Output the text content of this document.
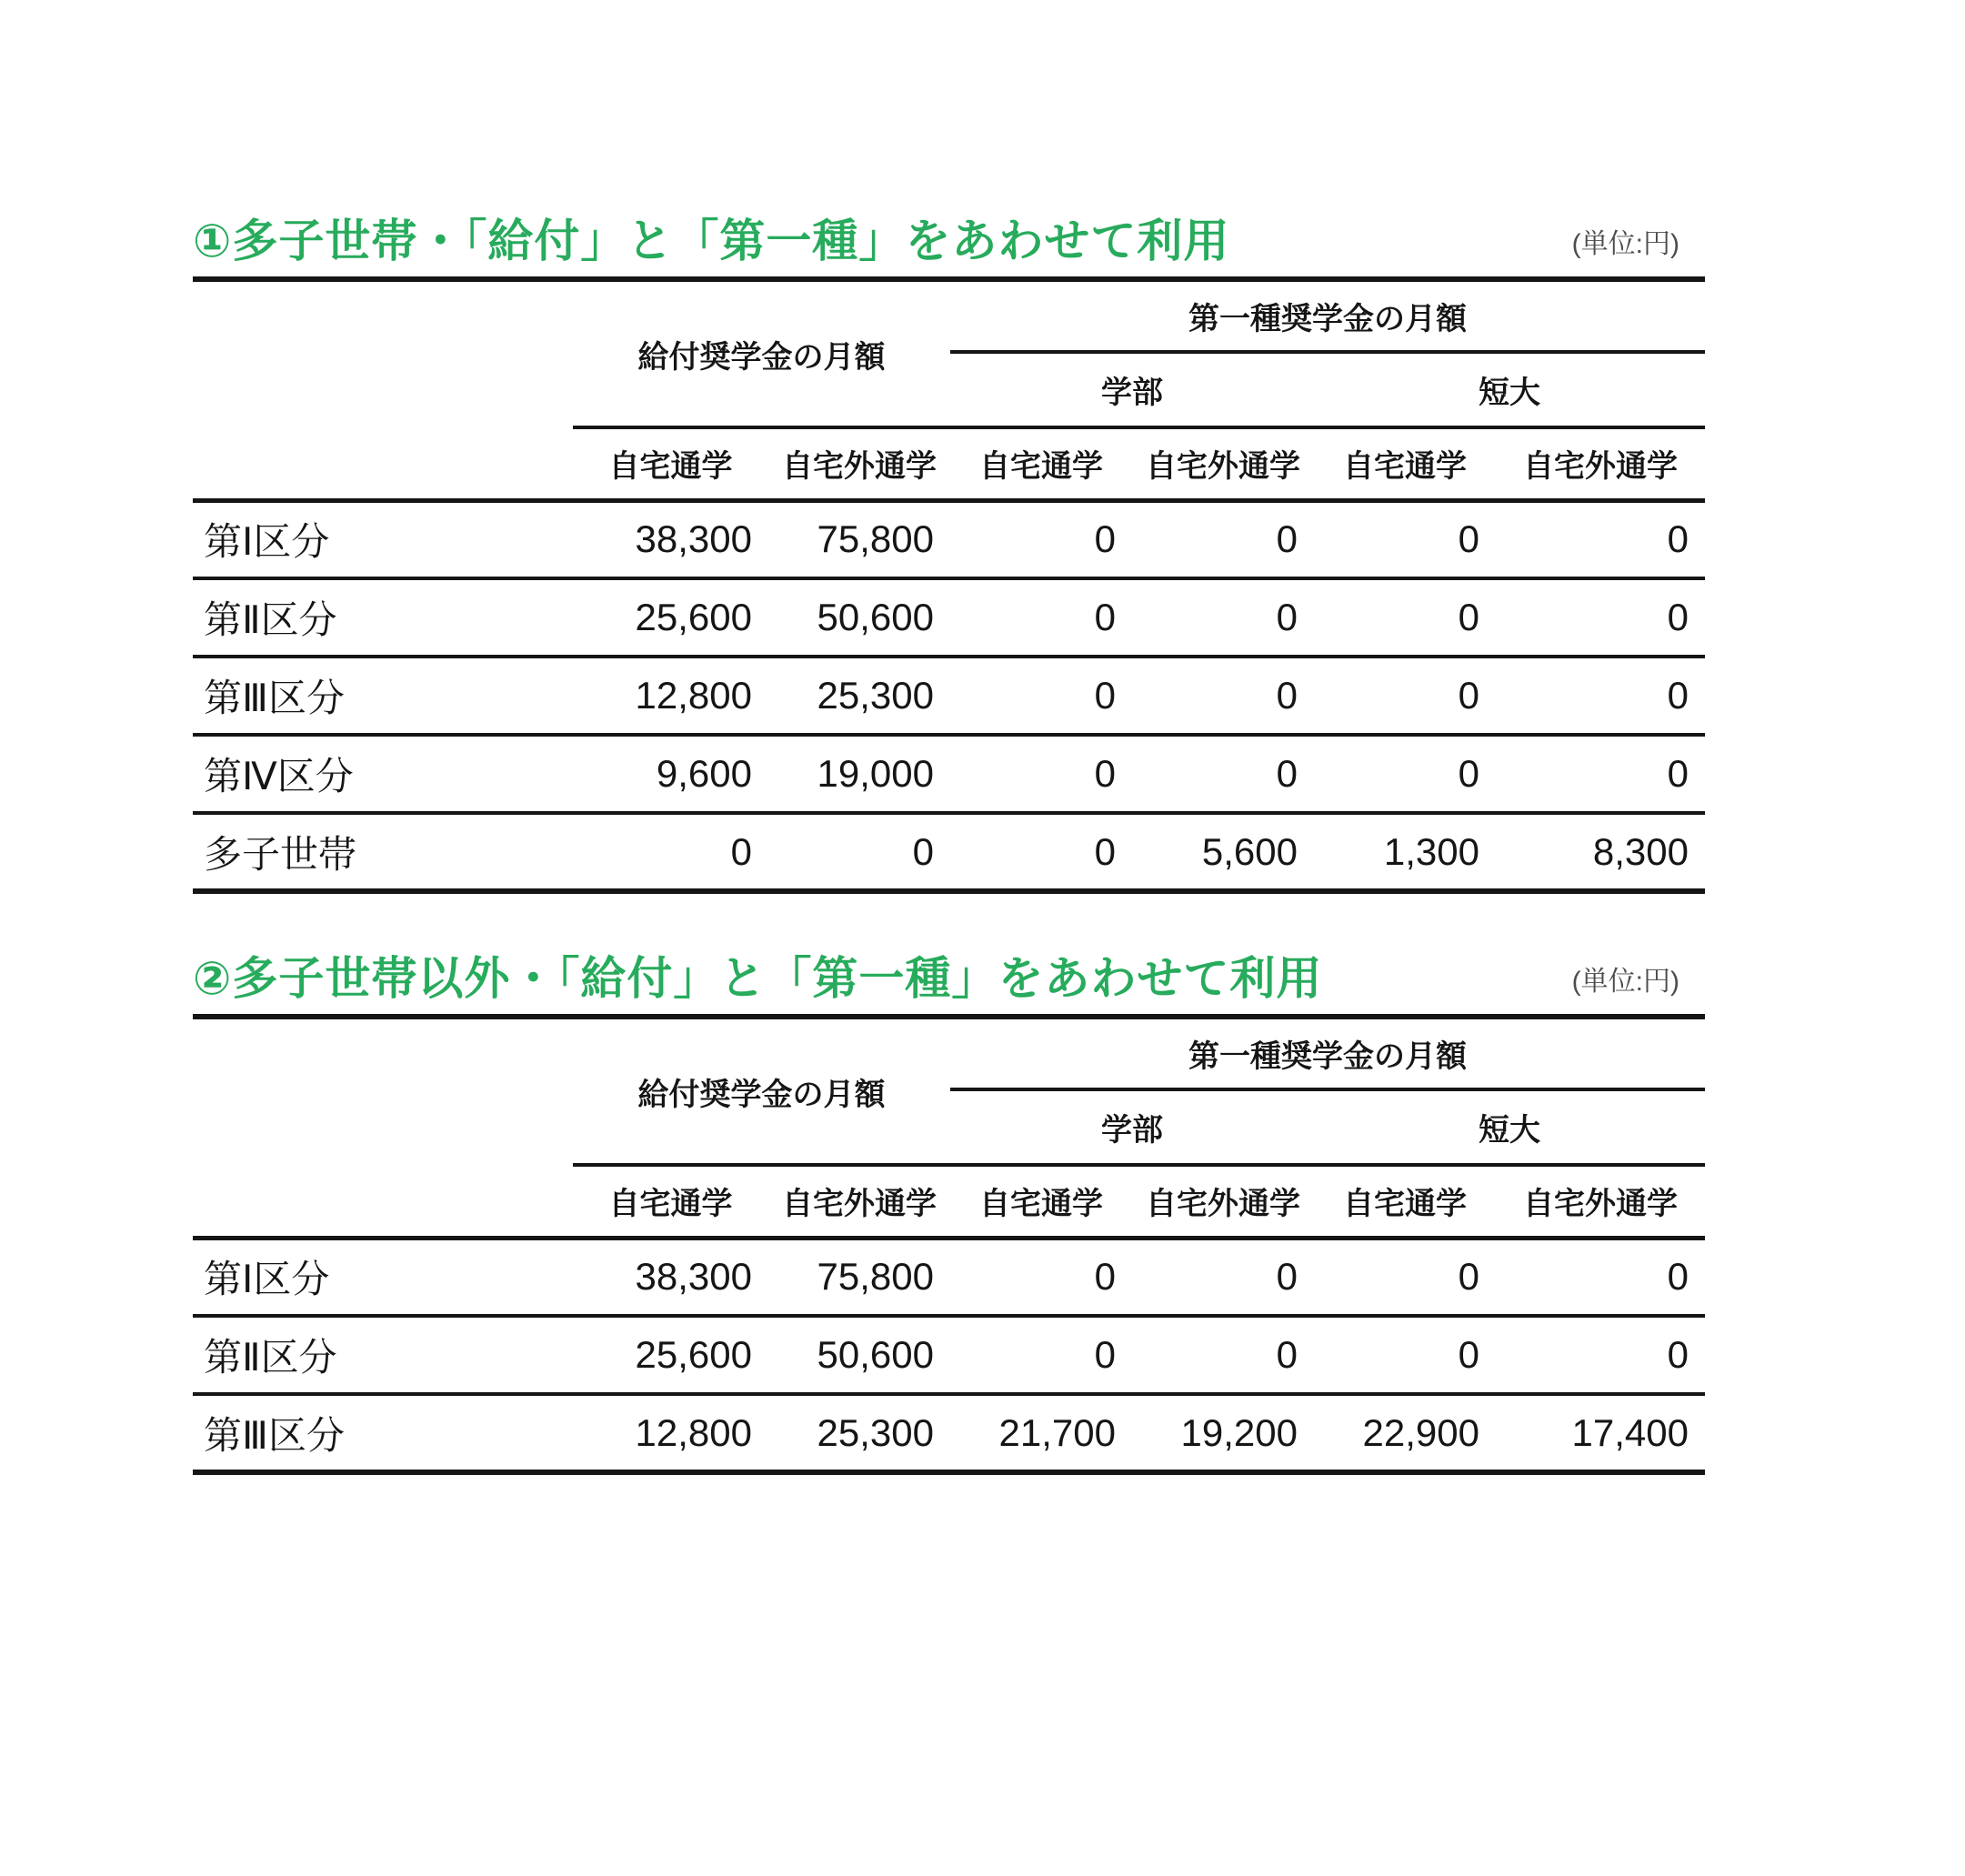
①多子世帯・「給付」と「第一種」をあわせて利用	(単位:円)
	給付奨学金の月額		第一種奨学金の月額			
			学部		短大	
	自宅通学	自宅外通学	自宅通学	自宅外通学	自宅通学	自宅外通学
第Ⅰ区分	38,300	75,800	0	0	0	0
第Ⅱ区分	25,600	50,600	0	0	0	0
第Ⅲ区分	12,800	25,300	0	0	0	0
第Ⅳ区分	9,600	19,000	0	0	0	0
多子世帯	0	0	0	5,600	1,300	8,300
②多子世帯以外・「給付」と「第一種」をあわせて利用	(単位:円)
	給付奨学金の月額		第一種奨学金の月額			
			学部		短大	
	自宅通学	自宅外通学	自宅通学	自宅外通学	自宅通学	自宅外通学
第Ⅰ区分	38,300	75,800	0	0	0	0
第Ⅱ区分	25,600	50,600	0	0	0	0
第Ⅲ区分	12,800	25,300	21,700	19,200	22,900	17,400
